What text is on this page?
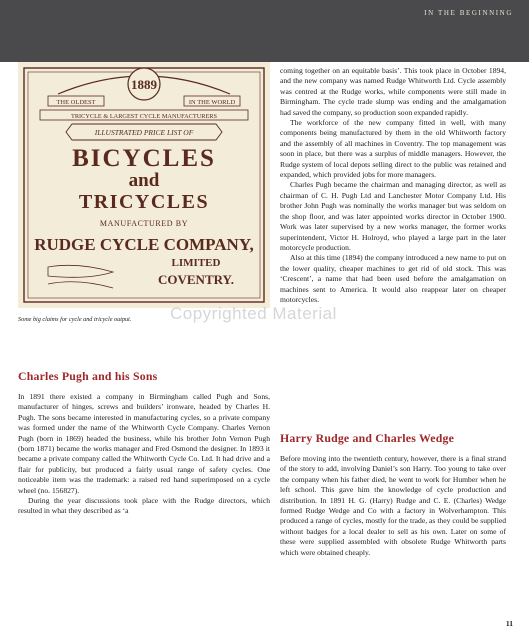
IN THE BEGINNING
1889
THE OLDEST	IN THE WORLD
TRICYCLE & LARGEST CYCLE MANUFACTURERS
ILLUSTRATED PRICE LIST OF
BICYCLES
and
TRICYCLES
MANUFACTURED BY
RUDGE CYCLE COMPANY,
LIMITED
COVENTRY.
Copyrighted Material
Some big claims for cycle and tricycle output.
Charles Pugh and his Sons

In 1891 there existed a company in Birmingham called Pugh and Sons, manufacturer of hinges, screws and builders’ ironware, headed by Charles H. Pugh. The sons became interested in manufacturing cycles, so a private company was formed under the name of the Whitworth Cycle Company. Charles Vernon Pugh (born in 1869) headed the business, while his brother John Vernon Pugh (born 1871) became the works manager and Fred Osmond the designer. In 1893 it became a private company called the Whitworth Cycle Co. Ltd. It had drive and a flair for publicity, but produced a fairly usual range of safety cycles. One noticeable item was the trademark: a raised red hand superimposed on a cycle wheel (no. 156827).

During the year discussions took place with the Rudge directors, which resulted in what they described as ‘a

coming together on an equitable basis’. This took place in October 1894, and the new company was named Rudge Whitworth Ltd. Cycle assembly was centred at the Rudge works, while components were still made in Birmingham. The cycle trade slump was ending and the amalgamation had saved the company, so production soon expanded rapidly.

The workforce of the new company fitted in well, with many components being manufactured by them in the old Whitworth factory and the assembly of all machines in Coventry. The top management was soon in place, but there was a surplus of middle managers. However, the Rudge system of local depots selling direct to the public was retained and expanded, which provided jobs for more managers.

Charles Pugh became the chairman and managing director, as well as chairman of C. H. Pugh Ltd and Lanchester Motor Company Ltd. His brother John Pugh was nominally the works manager but was seldom on the shop floor, and was later appointed works director in October 1900. Work was later supervised by a new works manager, the former works superintendent, Victor H. Holroyd, who played a large part in the later motorcycle production.

Also at this time (1894) the company introduced a new name to put on the lower quality, cheaper machines to get rid of old stock. This was ‘Crescent’, a name that had been used before the amalgamation on machines sent to America. It would also reappear later on cheaper motorcycles.

Harry Rudge and Charles Wedge

Before moving into the twentieth century, however, there is a final strand of the story to add, involving Daniel’s son Harry. Too young to take over the company when his father died, he went to work for Humber when he left school. This gave him the knowledge of cycle production and distribution. In 1891 H. G. (Harry) Rudge and C. E. (Charles) Wedge formed Rudge Wedge and Co with a factory in Wolverhampton. This produced a range of cycles, mostly for the trade, as they could be supplied without badges for a local dealer to sell as his own. Later on some of these were supplied assembled with obsolete Rudge Whitworth parts which were obtained cheaply.

11
